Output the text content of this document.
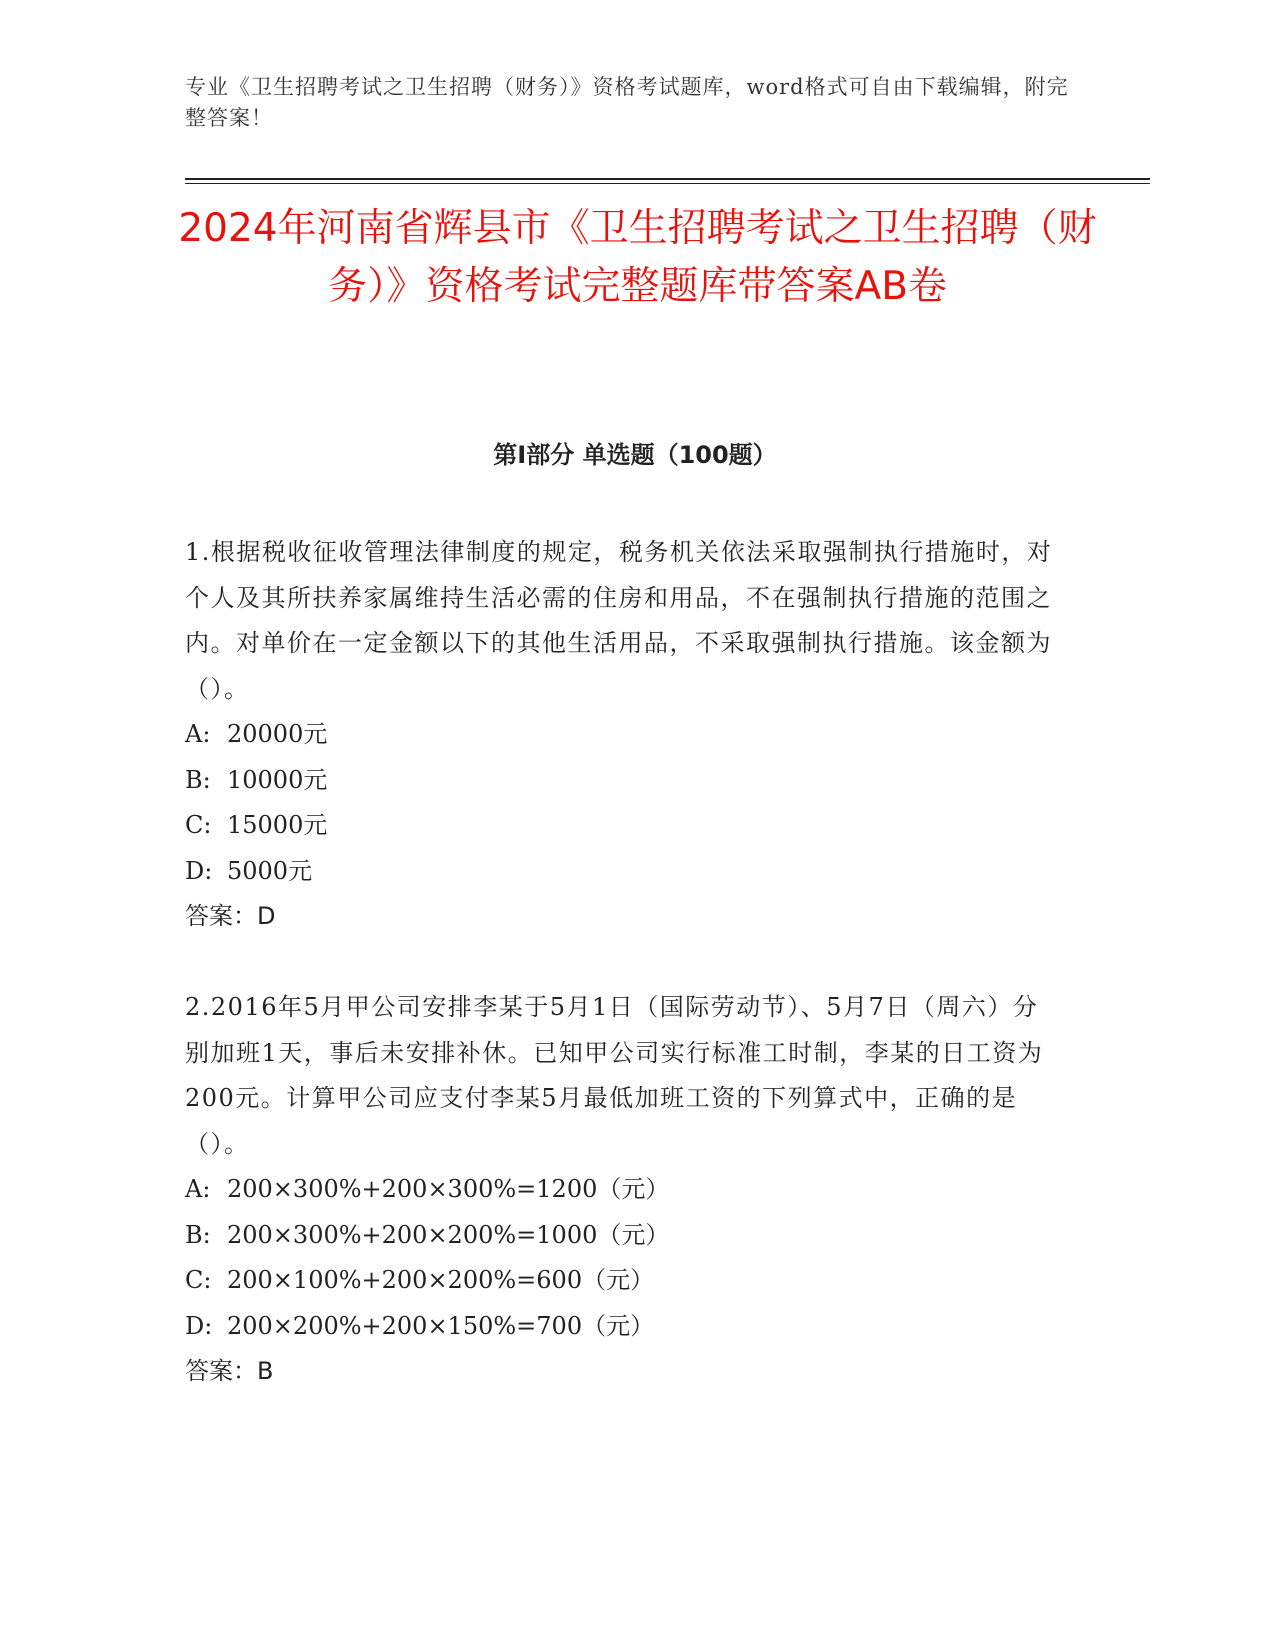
专业《卫生招聘考试之卫生招聘（财务）》资格考试题库，word格式可自由下载编辑，附完整答案！
2024年河南省辉县市《卫生招聘考试之卫生招聘（财务）》资格考试完整题库带答案AB卷
第I部分 单选题（100题）

1.根据税收征收管理法律制度的规定，税务机关依法采取强制执行措施时，对个人及其所扶养家属维持生活必需的住房和用品，不在强制执行措施的范围之内。对单价在一定金额以下的其他生活用品，不采取强制执行措施。该金额为（）。

A: 20000元
B: 10000元
C: 15000元
D: 5000元

答案：D

2.2016年5月甲公司安排李某于5月1日（国际劳动节）、5月7日（周六）分别加班1天，事后未安排补休。已知甲公司实行标准工时制，李某的日工资为200元。计算甲公司应支付李某5月最低加班工资的下列算式中，正确的是（）。

A: 200×300%+200×300%=1200（元）
B: 200×300%+200×200%=1000（元）
C: 200×100%+200×200%=600（元）
D: 200×200%+200×150%=700（元）

答案：B
